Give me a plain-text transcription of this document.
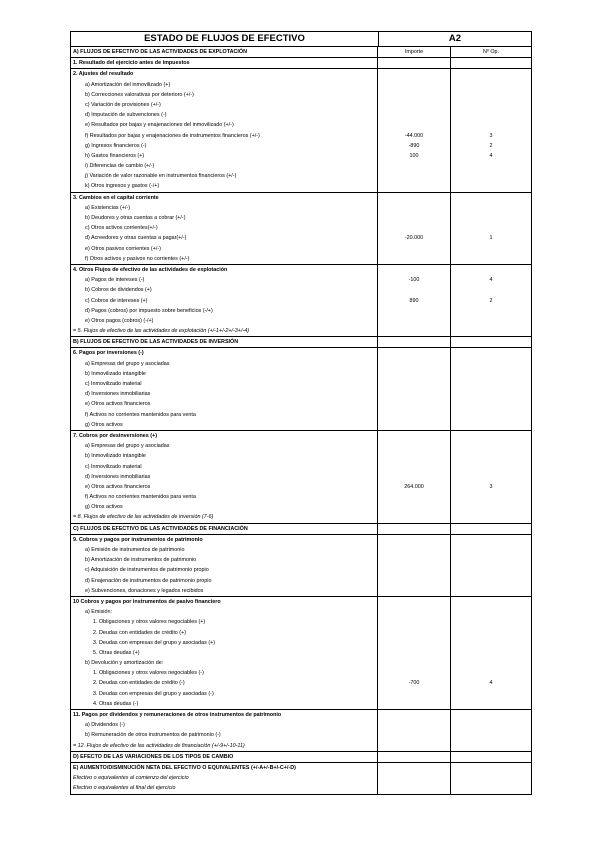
ESTADO DE FLUJOS DE EFECTIVO	A2
A) FLUJOS DE EFECTIVO DE LAS ACTIVIDADES DE EXPLOTACIÓN	Importe	Nº Op.
1. Resultado del ejercicio antes de impuestos
2. Ajustes del resultado
a) Amortización del inmovilizado (+)
b) Correcciones valorativas por deterioro (+/-)
c) Variación de provisiones (+/-)
d) Imputación de subvenciones (-)
e) Resultados por bajas y enajenaciones del inmovilizado (+/-)
f) Resultados por bajas y enajenaciones de instrumentos financieros (+/-)	-44.000	3
g) Ingresos financieros (-)	-890	2
h) Gastos financieros (+)	100	4
i) Diferencias de cambio (+/-)
j) Variación de valor razonable en instrumentos financieros (+/-)
k) Otros ingresos y gastos (-/+)
3. Cambios en el capital corriente
a) Existencias (+/-)
b) Deudores y otras cuentas a cobrar (+/-)
c) Otros activos corrientes(+/-)
d) Acreedores y otras cuentas a pagar(+/-)	-20.000	1
e) Otros pasivos corrientes (+/-)
f) Otros activos y pasivos no corrientes (+/-)
4. Otros Flujos de efectivo de las actividades de explotación
a) Pagos de intereses (-)	-100	4
b) Cobros de dividendos (+)
c) Cobros de intereses (+)	890	2
d) Pagos (cobros) por impuesto sobre beneficios (-/+)
e) Otros pagos (cobros) (-/+)
= 5. Flujos de efectivo de las actividades de explotación (+/-1+/-2+/-3+/-4)
B) FLUJOS DE EFECTIVO DE LAS ACTIVIDADES DE INVERSIÓN
6. Pagos por inversiones (-)
a) Empresas del grupo y asociadas
b) Inmovilizado intangible
c) Inmovilizado material
d) Inversiones inmobiliarias
e) Otros activos financieros
f) Activos no corrientes mantenidos para venta
g) Otros activos
7. Cobros por desinversiones (+)
a) Empresas del grupo y asociadas
b) Inmovilizado intangible
c) Inmovilizado material
d) Inversiones inmobiliarias
e) Otros activos financieros	264.000	3
f) Activos no corrientes mantenidos para venta
g) Otros activos
= 8. Flujos de efectivo de las actividades de inversión (7-6)
C) FLUJOS DE EFECTIVO DE LAS ACTIVIDADES DE FINANCIACIÓN
9. Cobros y pagos por instrumentos de patrimonio
a) Emisión de instrumentos de patrimonio
b) Amortización de instrumentos de patrimonio
c) Adquisición de instrumentos de patrimonio propio
d) Enajenación de instrumentos de patrimonio propio
e) Subvenciones, donaciones y legados recibidos
10 Cobros y pagos por instrumentos de pasivo financiero
a) Emisión:
1. Obligaciones y otros valores negociables (+)
2. Deudas con entidades de crédito (+)
3. Deudas con empresas del grupo y asociadas (+)
5. Otras deudas (+)
b) Devolución y amortización de:
1. Obligaciones y otros valores negociables (-)
2. Deudas con entidades de crédito (-)	-700	4
3. Deudas con empresas del grupo y asociadas (-)
4. Otras deudas (-)
11. Pagos por dividendos y remuneraciones de otros instrumentos de patrimonio
a) Dividendos (-)
b) Remuneración de otros instrumentos de patrimonio (-)
= 12. Flujos de efectivo de las actividades de financiación (+/-9+/-10-11)
D) EFECTO DE LAS VARIACIONES DE LOS TIPOS DE CAMBIO
E) AUMENTO/DISMINUCIÓN NETA DEL EFECTIVO O EQUIVALENTES (+/-A+/-B+/-C+/-D)
Efectivo o equivalentes al comienzo del ejercicio
Efectivo o equivalentes al final del ejercicio
